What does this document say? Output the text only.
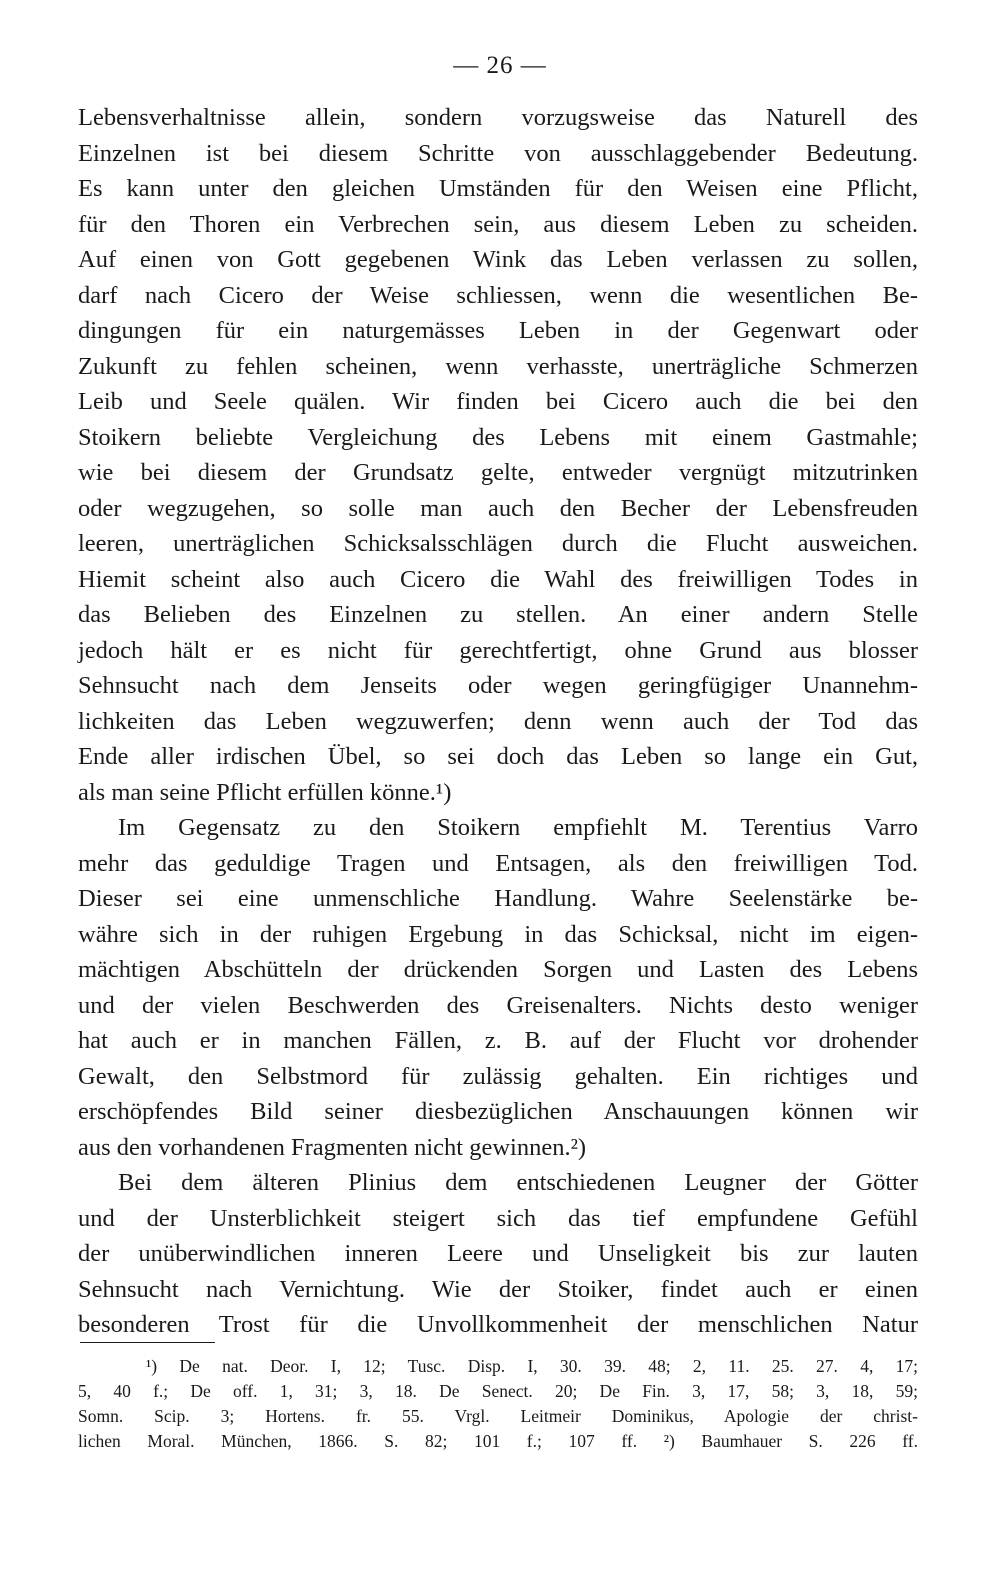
— 26 —
Lebensverhaltnisse allein, sondern vorzugsweise das Naturell des
Einzelnen ist bei diesem Schritte von ausschlaggebender Bedeutung.
Es kann unter den gleichen Umständen für den Weisen eine Pflicht,
für den Thoren ein Verbrechen sein, aus diesem Leben zu scheiden.
Auf einen von Gott gegebenen Wink das Leben verlassen zu sollen,
darf nach Cicero der Weise schliessen, wenn die wesentlichen Be-
dingungen für ein naturgemässes Leben in der Gegenwart oder
Zukunft zu fehlen scheinen, wenn verhasste, unerträgliche Schmerzen
Leib und Seele quälen. Wir finden bei Cicero auch die bei den
Stoikern beliebte Vergleichung des Lebens mit einem Gastmahle;
wie bei diesem der Grundsatz gelte, entweder vergnügt mitzutrinken
oder wegzugehen, so solle man auch den Becher der Lebensfreuden
leeren, unerträglichen Schicksalsschlägen durch die Flucht ausweichen.
Hiemit scheint also auch Cicero die Wahl des freiwilligen Todes in
das Belieben des Einzelnen zu stellen. An einer andern Stelle
jedoch hält er es nicht für gerechtfertigt, ohne Grund aus blosser
Sehnsucht nach dem Jenseits oder wegen geringfügiger Unannehm-
lichkeiten das Leben wegzuwerfen; denn wenn auch der Tod das
Ende aller irdischen Übel, so sei doch das Leben so lange ein Gut,
als man seine Pflicht erfüllen könne.¹)
Im Gegensatz zu den Stoikern empfiehlt M. Terentius Varro
mehr das geduldige Tragen und Entsagen, als den freiwilligen Tod.
Dieser sei eine unmenschliche Handlung. Wahre Seelenstärke be-
währe sich in der ruhigen Ergebung in das Schicksal, nicht im eigen-
mächtigen Abschütteln der drückenden Sorgen und Lasten des Lebens
und der vielen Beschwerden des Greisenalters. Nichts desto weniger
hat auch er in manchen Fällen, z. B. auf der Flucht vor drohender
Gewalt, den Selbstmord für zulässig gehalten. Ein richtiges und
erschöpfendes Bild seiner diesbezüglichen Anschauungen können wir
aus den vorhandenen Fragmenten nicht gewinnen.²)
Bei dem älteren Plinius dem entschiedenen Leugner der Götter
und der Unsterblichkeit steigert sich das tief empfundene Gefühl
der unüberwindlichen inneren Leere und Unseligkeit bis zur lauten
Sehnsucht nach Vernichtung. Wie der Stoiker, findet auch er einen
besonderen Trost für die Unvollkommenheit der menschlichen Natur
¹) De nat. Deor. I, 12; Tusc. Disp. I, 30. 39. 48; 2, 11. 25. 27. 4, 17;
5, 40 f.; De off. 1, 31; 3, 18. De Senect. 20; De Fin. 3, 17, 58; 3, 18, 59;
Somn. Scip. 3; Hortens. fr. 55. Vrgl. Leitmeir Dominikus, Apologie der christ-
lichen Moral. München, 1866. S. 82; 101 f.; 107 ff. ²) Baumhauer S. 226 ff.
